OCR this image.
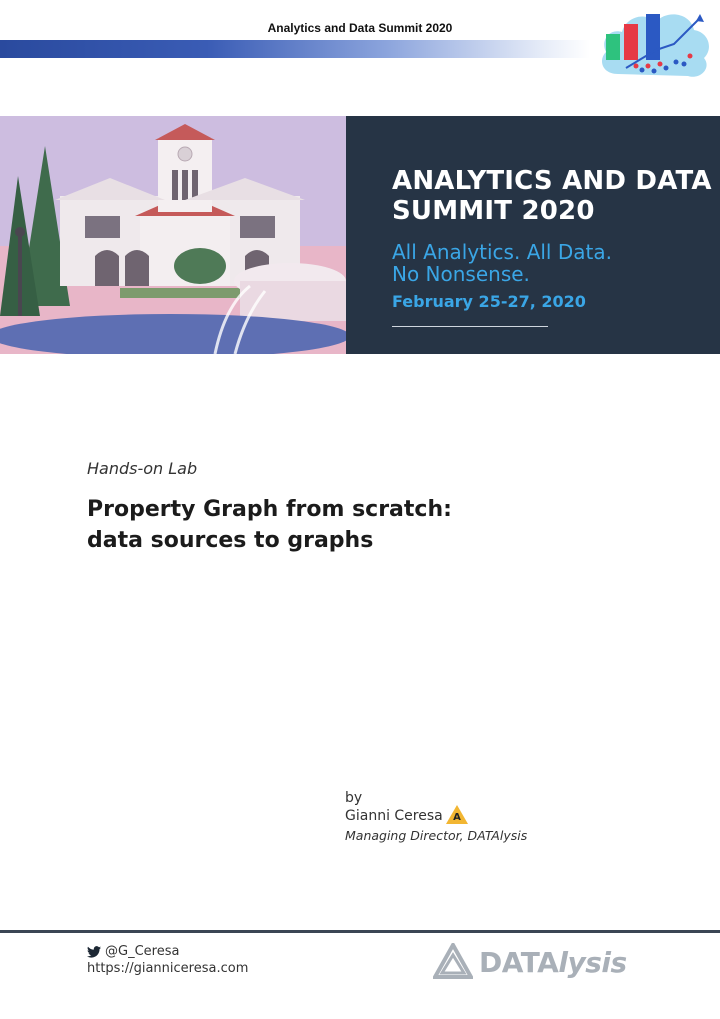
Analytics and Data Summit 2020
ANALYTICS AND DATA
SUMMIT 2020
All Analytics. All Data.
No Nonsense.
February 25-27, 2020
Hands-on Lab
Property Graph from scratch:
data sources to graphs
by
Gianni Ceresa A
Managing Director, DATAlysis
@G_Ceresa
https://gianniceresa.com	DATAlysis
